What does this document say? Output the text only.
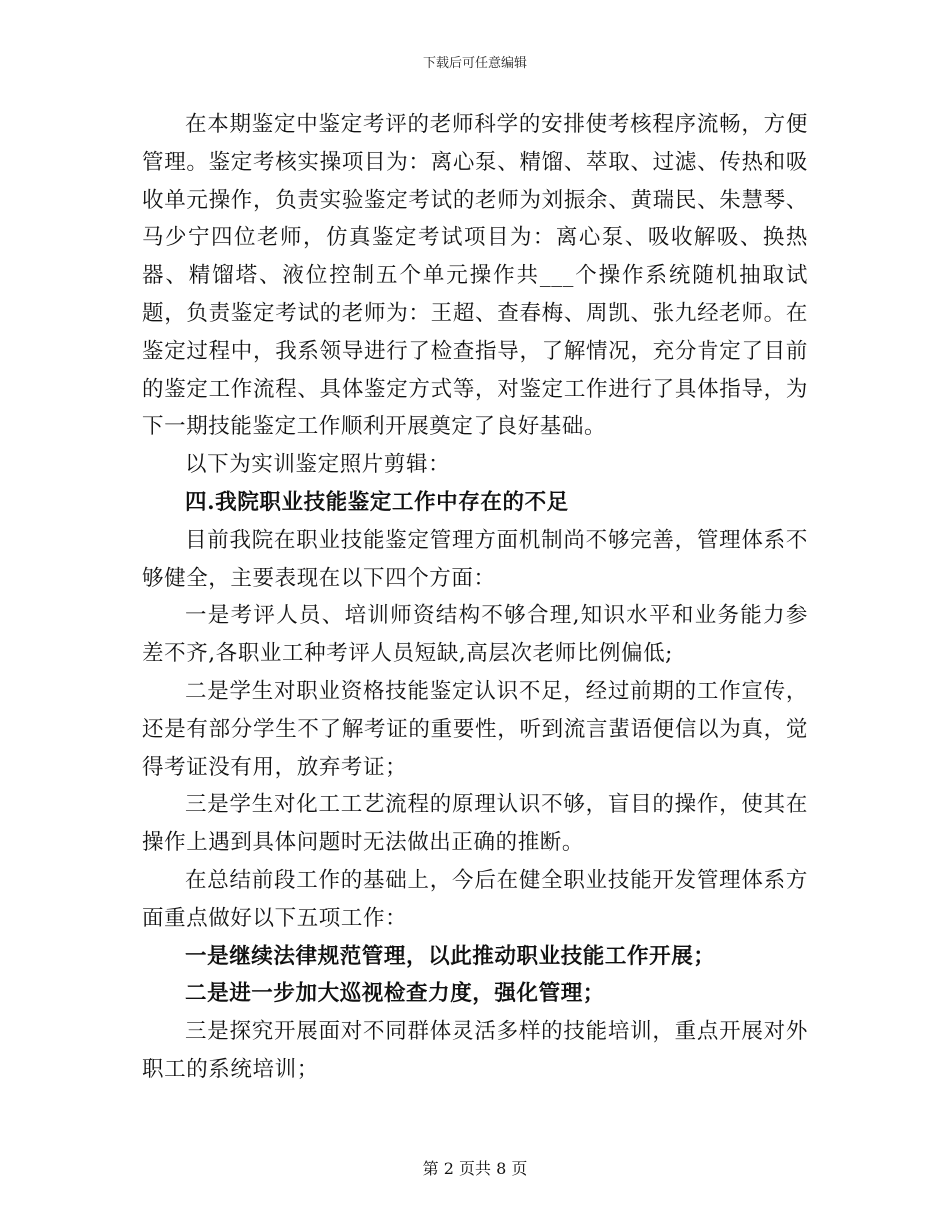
下载后可任意编辑

在本期鉴定中鉴定考评的老师科学的安排使考核程序流畅，方便管理。鉴定考核实操项目为：离心泵、精馏、萃取、过滤、传热和吸收单元操作，负责实验鉴定考试的老师为刘振余、黄瑞民、朱慧琴、马少宁四位老师，仿真鉴定考试项目为：离心泵、吸收解吸、换热器、精馏塔、液位控制五个单元操作共___个操作系统随机抽取试题，负责鉴定考试的老师为：王超、查春梅、周凯、张九经老师。在鉴定过程中，我系领导进行了检查指导，了解情况，充分肯定了目前的鉴定工作流程、具体鉴定方式等，对鉴定工作进行了具体指导，为下一期技能鉴定工作顺利开展奠定了良好基础。

以下为实训鉴定照片剪辑：

四.我院职业技能鉴定工作中存在的不足

目前我院在职业技能鉴定管理方面机制尚不够完善，管理体系不够健全，主要表现在以下四个方面：

一是考评人员、培训师资结构不够合理,知识水平和业务能力参差不齐,各职业工种考评人员短缺,高层次老师比例偏低;

二是学生对职业资格技能鉴定认识不足，经过前期的工作宣传，还是有部分学生不了解考证的重要性，听到流言蜚语便信以为真，觉得考证没有用，放弃考证；

三是学生对化工工艺流程的原理认识不够，盲目的操作，使其在操作上遇到具体问题时无法做出正确的推断。

在总结前段工作的基础上，今后在健全职业技能开发管理体系方面重点做好以下五项工作：

一是继续法律规范管理，以此推动职业技能工作开展；

二是进一步加大巡视检查力度，强化管理；

三是探究开展面对不同群体灵活多样的技能培训，重点开展对外职工的系统培训；

第 2 页共 8 页
